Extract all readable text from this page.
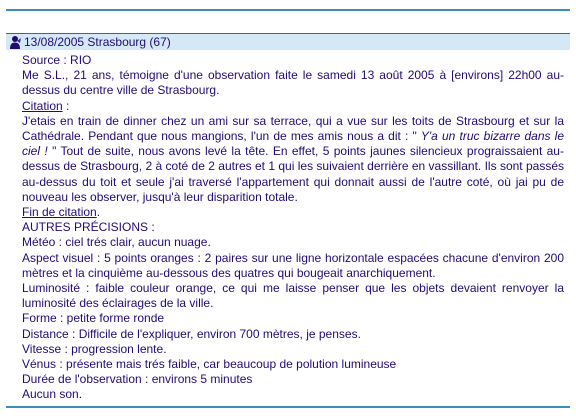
13/08/2005 Strasbourg (67)

Source : RIO

Me S.L., 21 ans, témoigne d'une observation faite le samedi 13 août 2005 à [environs] 22h00 au-dessus du centre ville de Strasbourg.

Citation :

J'etais en train de dinner chez un ami sur sa terrace, qui a vue sur les toits de Strasbourg et sur la Cathédrale. Pendant que nous mangions, l'un de mes amis nous a dit : " Y'a un truc bizarre dans le ciel ! " Tout de suite, nous avons levé la tête. En effet, 5 points jaunes silencieux prograissaient au-dessus de Strasbourg, 2 à coté de 2 autres et 1 qui les suivaient derrière en vassillant. Ils sont passés au-dessus du toit et seule j'ai traversé l'appartement qui donnait aussi de l'autre coté, où jai pu de nouveau les observer, jusqu'à leur disparition totale.

Fin de citation.

AUTRES PRÉCISIONS :

Météo : ciel trés clair, aucun nuage.

Aspect visuel : 5 points oranges : 2 paires sur une ligne horizontale espacées chacune d'environ 200 mètres et la cinquième au-dessous des quatres qui bougeait anarchiquement.

Luminosité : faible couleur orange, ce qui me laisse penser que les objets devaient renvoyer la luminosité des éclairages de la ville.

Forme : petite forme ronde

Distance : Difficile de l'expliquer, environ 700 mètres, je penses.

Vitesse : progression lente.

Vénus : présente mais trés faible, car beaucoup de polution lumineuse

Durée de l'observation : environs 5 minutes

Aucun son.
